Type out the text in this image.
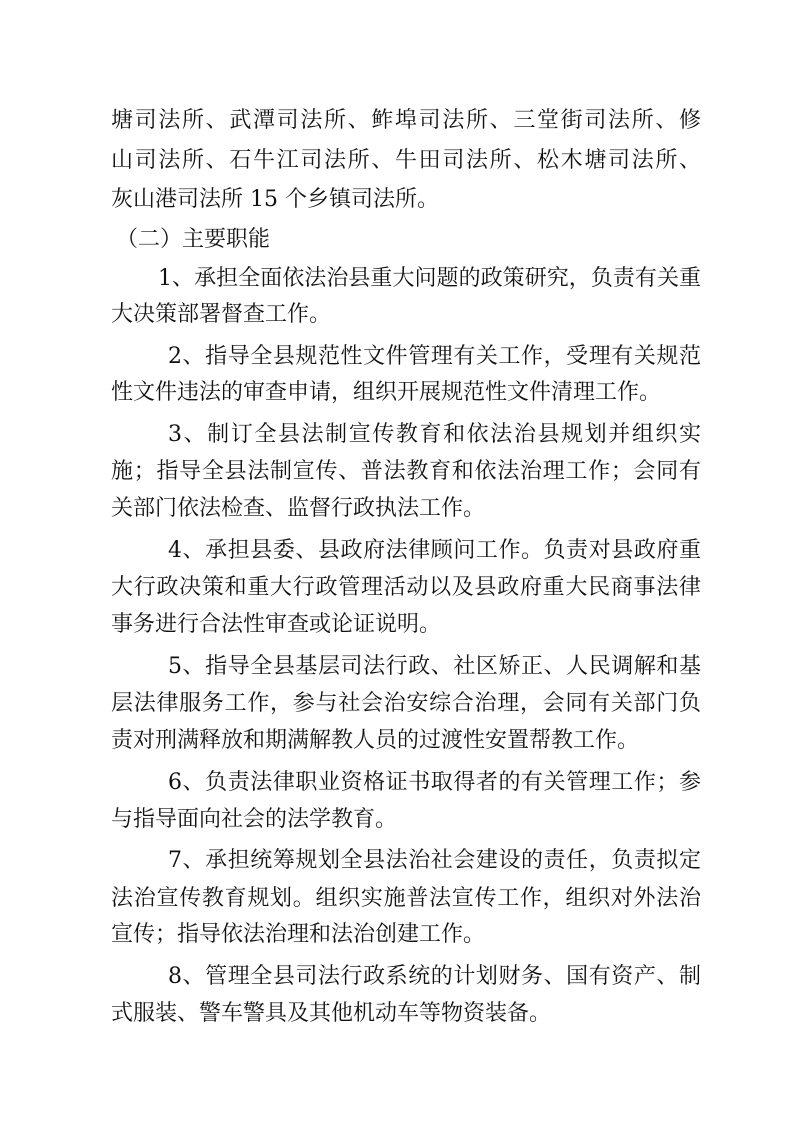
塘司法所、武潭司法所、鲊埠司法所、三堂街司法所、修
山司法所、石牛江司法所、牛田司法所、松木塘司法所、
灰山港司法所 15 个乡镇司法所。
（二）主要职能
1、承担全面依法治县重大问题的政策研究，负责有关重
大决策部署督查工作。
2、指导全县规范性文件管理有关工作，受理有关规范
性文件违法的审查申请，组织开展规范性文件清理工作。
3、制订全县法制宣传教育和依法治县规划并组织实
施；指导全县法制宣传、普法教育和依法治理工作；会同有
关部门依法检查、监督行政执法工作。
4、承担县委、县政府法律顾问工作。负责对县政府重
大行政决策和重大行政管理活动以及县政府重大民商事法律
事务进行合法性审查或论证说明。
5、指导全县基层司法行政、社区矫正、人民调解和基
层法律服务工作，参与社会治安综合治理，会同有关部门负
责对刑满释放和期满解教人员的过渡性安置帮教工作。
6、负责法律职业资格证书取得者的有关管理工作；参
与指导面向社会的法学教育。
7、承担统筹规划全县法治社会建设的责任，负责拟定
法治宣传教育规划。组织实施普法宣传工作，组织对外法治
宣传；指导依法治理和法治创建工作。
8、管理全县司法行政系统的计划财务、国有资产、制
式服装、警车警具及其他机动车等物资装备。
